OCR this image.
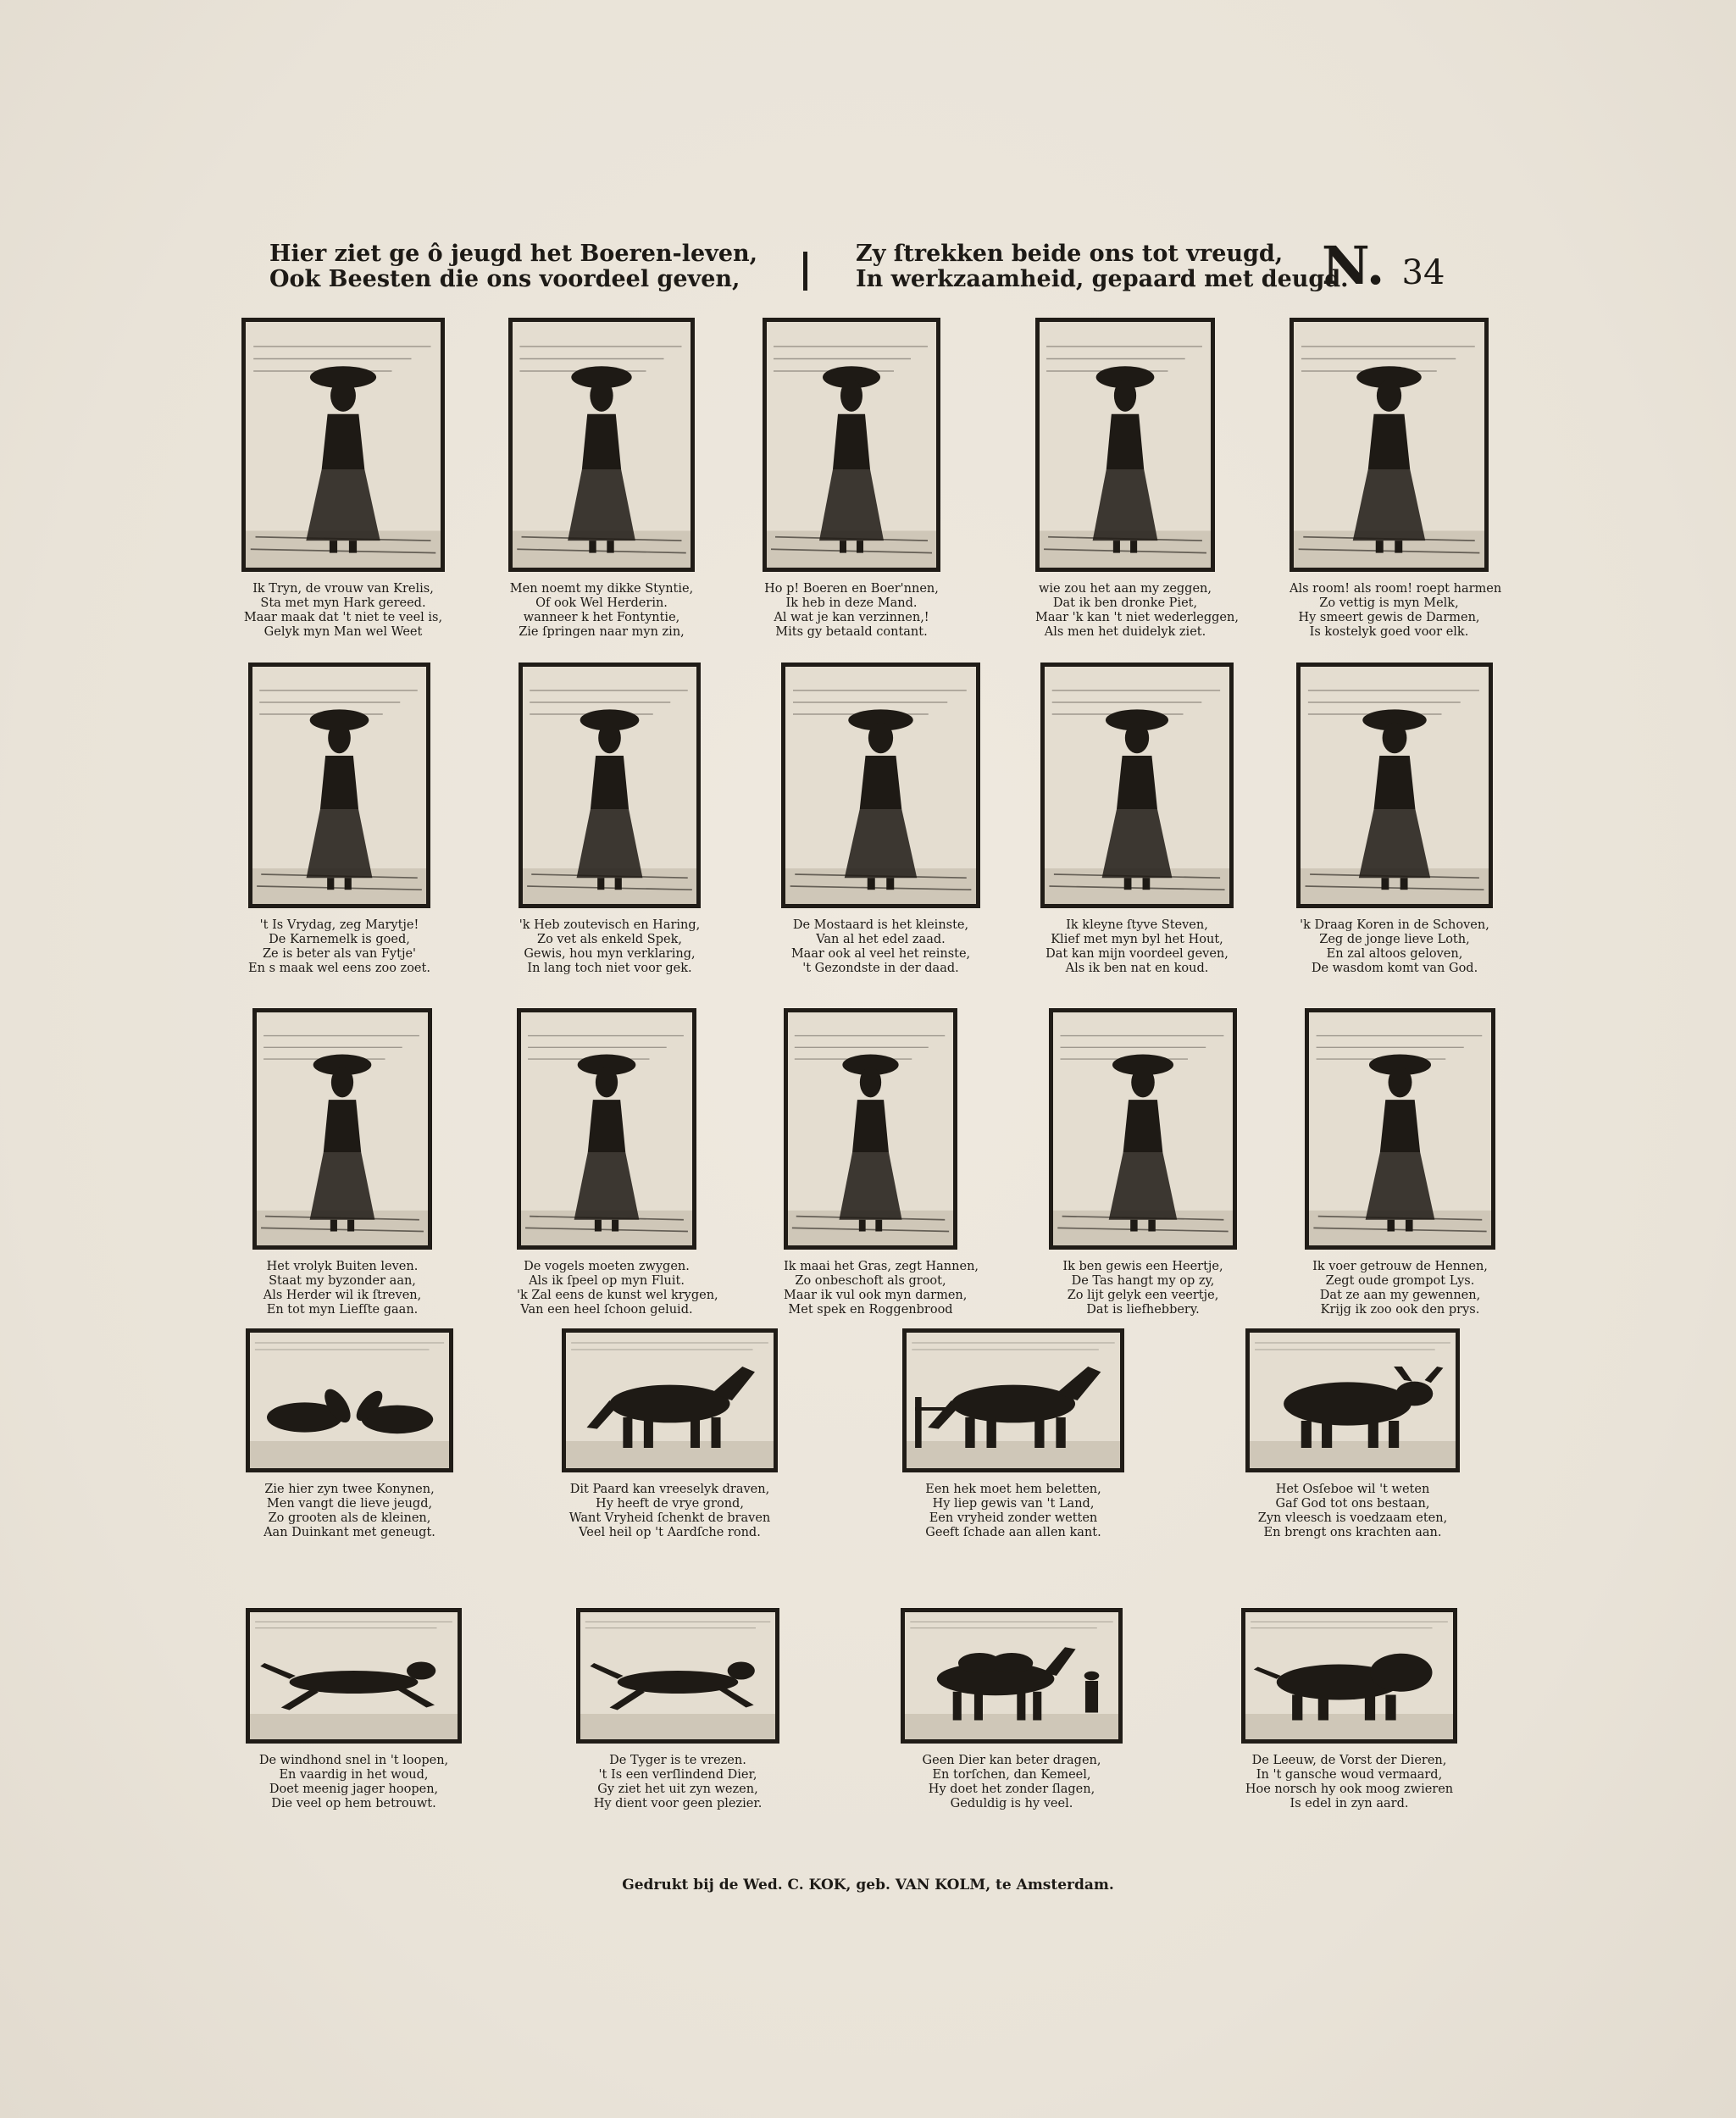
Hier ziet ge ô jeugd het Boeren-leven,
Ook Beesten die ons voordeel geven,
Zy ſtrekken beide ons tot vreugd,
In werkzaamheid, gepaard met deugd.
N. 34
Ik Tryn, de vrouw van Krelis,
Sta met myn Hark gereed.
Maar maak dat 't niet te veel is,
Gelyk myn Man wel Weet
Men noemt my dikke Styntie,
Of ook Wel Herderin.
wanneer k het Fontyntie,
Zie ſpringen naar myn zin,
Ho p! Boeren en Boer'nnen,
Ik heb in deze Mand.
Al wat je kan verzinnen,!
Mits gy betaald contant.
wie zou het aan my zeggen,
Dat ik ben dronke Piet,
Maar 'k kan 't niet wederleggen,
Als men het duidelyk ziet.
Als room! als room! roept harmen
Zo vettig is myn Melk,
Hy smeert gewis de Darmen,
Is kostelyk goed voor elk.
't Is Vrydag, zeg Marytje!
De Karnemelk is goed,
Ze is beter als van Fytje'
En s maak wel eens zoo zoet.
'k Heb zoutevisch en Haring,
Zo vet als enkeld Spek,
Gewis, hou myn verklaring,
In lang toch niet voor gek.
De Mostaard is het kleinste,
Van al het edel zaad.
Maar ook al veel het reinste,
't Gezondste in der daad.
Ik kleyne ſtyve Steven,
Klief met myn byl het Hout,
Dat kan mijn voordeel geven,
Als ik ben nat en koud.
'k Draag Koren in de Schoven,
Zeg de jonge lieve Loth,
En zal altoos geloven,
De wasdom komt van God.
Het vrolyk Buiten leven.
Staat my byzonder aan,
Als Herder wil ik ſtreven,
En tot myn Liefſte gaan.
De vogels moeten zwygen.
Als ik ſpeel op myn Fluit.
'k Zal eens de kunst wel krygen,
Van een heel ſchoon geluid.
Ik maai het Gras, zegt Hannen,
Zo onbeschoft als groot,
Maar ik vul ook myn darmen,
Met spek en Roggenbrood
Ik ben gewis een Heertje,
De Tas hangt my op zy,
Zo lijt gelyk een veertje,
Dat is liefhebbery.
Ik voer getrouw de Hennen,
Zegt oude grompot Lys.
Dat ze aan my gewennen,
Krijg ik zoo ook den prys.
Zie hier zyn twee Konynen,
Men vangt die lieve jeugd,
Zo grooten als de kleinen,
Aan Duinkant met geneugt.
Dit Paard kan vreeselyk draven,
Hy heeft de vrye grond,
Want Vryheid ſchenkt de braven
Veel heil op 't Aardſche rond.
Een hek moet hem beletten,
Hy liep gewis van 't Land,
Een vryheid zonder wetten
Geeft ſchade aan allen kant.
Het Osſeboe wil 't weten
Gaf God tot ons bestaan,
Zyn vleesch is voedzaam eten,
En brengt ons krachten aan.
De windhond snel in 't loopen,
En vaardig in het woud,
Doet meenig jager hoopen,
Die veel op hem betrouwt.
De Tyger is te vrezen.
't Is een verſlindend Dier,
Gy ziet het uit zyn wezen,
Hy dient voor geen plezier.
Geen Dier kan beter dragen,
En torſchen, dan Kemeel,
Hy doet het zonder ſlagen,
Geduldig is hy veel.
De Leeuw, de Vorst der Dieren,
In 't gansche woud vermaard,
Hoe norsch hy ook moog zwieren
Is edel in zyn aard.
Gedrukt bij de Wed. C. KOK, geb. VAN KOLM, te Amsterdam.
